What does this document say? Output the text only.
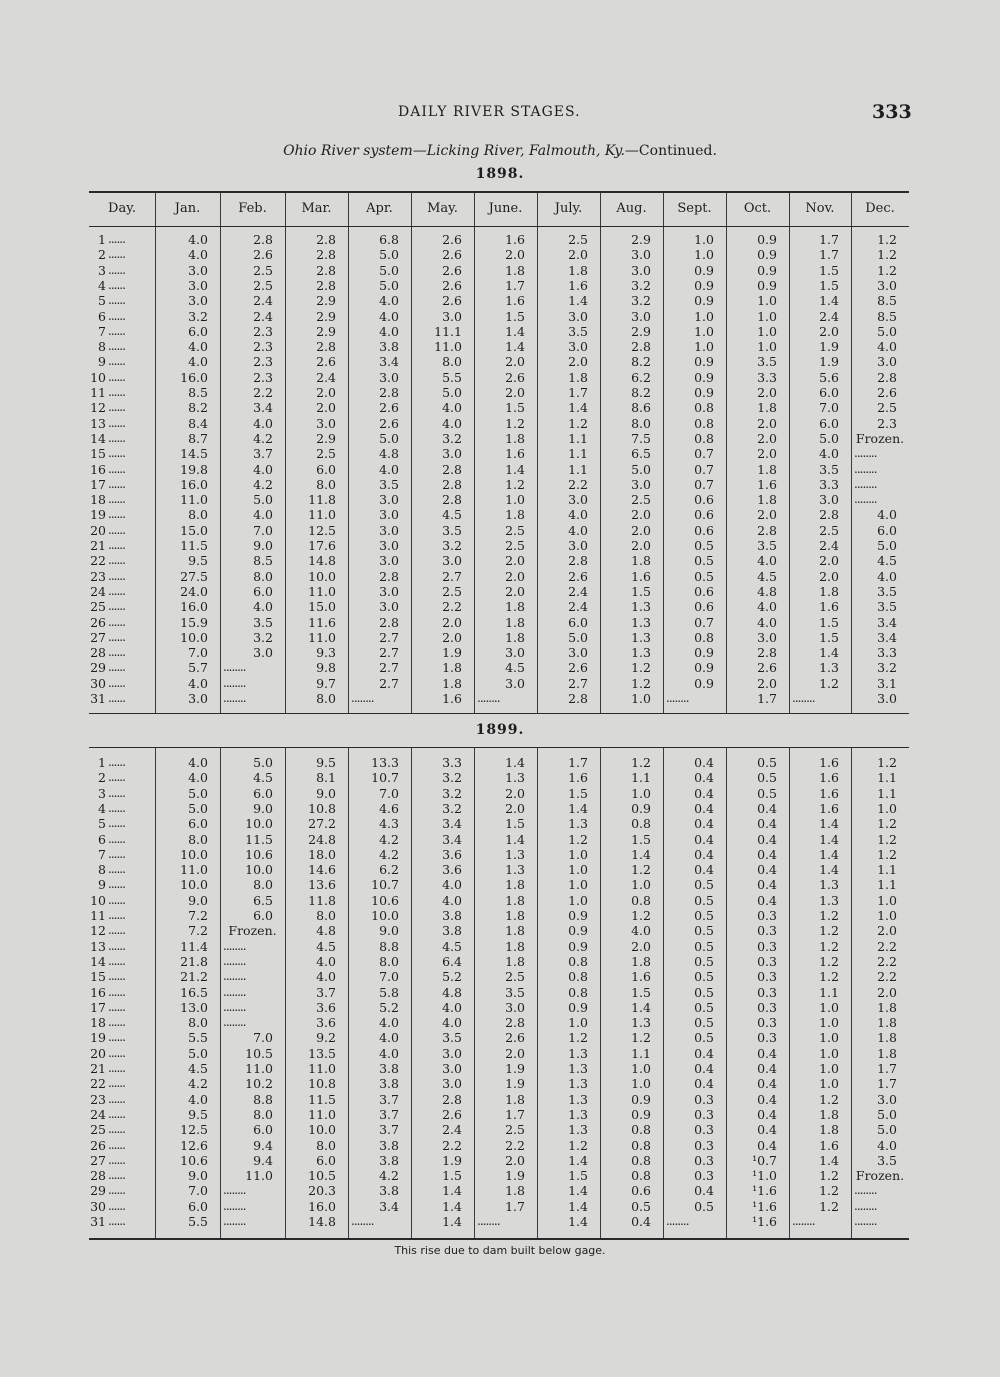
DAILY RIVER STAGES.	333
Ohio River system—Licking River, Falmouth, Ky.—Continued.
1898.
1899.
Day.	Jan.	Feb.	Mar.	Apr.	May.	June.	July.	Aug.	Sept.	Oct.	Nov.	Dec.
1 ......	4.0	2.8	2.8	6.8	2.6	1.6	2.5	2.9	1.0	0.9	1.7	1.2
2 ......	4.0	2.6	2.8	5.0	2.6	2.0	2.0	3.0	1.0	0.9	1.7	1.2
3 ......	3.0	2.5	2.8	5.0	2.6	1.8	1.8	3.0	0.9	0.9	1.5	1.2
4 ......	3.0	2.5	2.8	5.0	2.6	1.7	1.6	3.2	0.9	0.9	1.5	3.0
5 ......	3.0	2.4	2.9	4.0	2.6	1.6	1.4	3.2	0.9	1.0	1.4	8.5
6 ......	3.2	2.4	2.9	4.0	3.0	1.5	3.0	3.0	1.0	1.0	2.4	8.5
7 ......	6.0	2.3	2.9	4.0	11.1	1.4	3.5	2.9	1.0	1.0	2.0	5.0
8 ......	4.0	2.3	2.8	3.8	11.0	1.4	3.0	2.8	1.0	1.0	1.9	4.0
9 ......	4.0	2.3	2.6	3.4	8.0	2.0	2.0	8.2	0.9	3.5	1.9	3.0
10 ......	16.0	2.3	2.4	3.0	5.5	2.6	1.8	6.2	0.9	3.3	5.6	2.8
11 ......	8.5	2.2	2.0	2.8	5.0	2.0	1.7	8.2	0.9	2.0	6.0	2.6
12 ......	8.2	3.4	2.0	2.6	4.0	1.5	1.4	8.6	0.8	1.8	7.0	2.5
13 ......	8.4	4.0	3.0	2.6	4.0	1.2	1.2	8.0	0.8	2.0	6.0	2.3
14 ......	8.7	4.2	2.9	5.0	3.2	1.8	1.1	7.5	0.8	2.0	5.0	Frozen.
15 ......	14.5	3.7	2.5	4.8	3.0	1.6	1.1	6.5	0.7	2.0	4.0 ........
16 ......	19.8	4.0	6.0	4.0	2.8	1.4	1.1	5.0	0.7	1.8	3.5 ........
17 ......	16.0	4.2	8.0	3.5	2.8	1.2	2.2	3.0	0.7	1.6	3.3 ........
18 ......	11.0	5.0	11.8	3.0	2.8	1.0	3.0	2.5	0.6	1.8	3.0 ........
19 ......	8.0	4.0	11.0	3.0	4.5	1.8	4.0	2.0	0.6	2.0	2.8	4.0
20 ......	15.0	7.0	12.5	3.0	3.5	2.5	4.0	2.0	0.6	2.8	2.5	6.0
21 ......	11.5	9.0	17.6	3.0	3.2	2.5	3.0	2.0	0.5	3.5	2.4	5.0
22 ......	9.5	8.5	14.8	3.0	3.0	2.0	2.8	1.8	0.5	4.0	2.0	4.5
23 ......	27.5	8.0	10.0	2.8	2.7	2.0	2.6	1.6	0.5	4.5	2.0	4.0
24 ......	24.0	6.0	11.0	3.0	2.5	2.0	2.4	1.5	0.6	4.8	1.8	3.5
25 ......	16.0	4.0	15.0	3.0	2.2	1.8	2.4	1.3	0.6	4.0	1.6	3.5
26 ......	15.9	3.5	11.6	2.8	2.0	1.8	6.0	1.3	0.7	4.0	1.5	3.4
27 ......	10.0	3.2	11.0	2.7	2.0	1.8	5.0	1.3	0.8	3.0	1.5	3.4
28 ......	7.0	3.0	9.3	2.7	1.9	3.0	3.0	1.3	0.9	2.8	1.4	3.3
29 ......	5.7 ........	9.8	2.7	1.8	4.5	2.6	1.2	0.9	2.6	1.3	3.2
30 ......	4.0 ........	9.7	2.7	1.8	3.0	2.7	1.2	0.9	2.0	1.2	3.1
31 ......	3.0 ........	8.0 ........	1.6 ........	2.8	1.0 ........	1.7 ........	3.0
1 ......	4.0	5.0	9.5	13.3	3.3	1.4	1.7	1.2	0.4	0.5	1.6	1.2
2 ......	4.0	4.5	8.1	10.7	3.2	1.3	1.6	1.1	0.4	0.5	1.6	1.1
3 ......	5.0	6.0	9.0	7.0	3.2	2.0	1.5	1.0	0.4	0.5	1.6	1.1
4 ......	5.0	9.0	10.8	4.6	3.2	2.0	1.4	0.9	0.4	0.4	1.6	1.0
5 ......	6.0	10.0	27.2	4.3	3.4	1.5	1.3	0.8	0.4	0.4	1.4	1.2
6 ......	8.0	11.5	24.8	4.2	3.4	1.4	1.2	1.5	0.4	0.4	1.4	1.2
7 ......	10.0	10.6	18.0	4.2	3.6	1.3	1.0	1.4	0.4	0.4	1.4	1.2
8 ......	11.0	10.0	14.6	6.2	3.6	1.3	1.0	1.2	0.4	0.4	1.4	1.1
9 ......	10.0	8.0	13.6	10.7	4.0	1.8	1.0	1.0	0.5	0.4	1.3	1.1
10 ......	9.0	6.5	11.8	10.6	4.0	1.8	1.0	0.8	0.5	0.4	1.3	1.0
11 ......	7.2	6.0	8.0	10.0	3.8	1.8	0.9	1.2	0.5	0.3	1.2	1.0
12 ......	7.2	Frozen.	4.8	9.0	3.8	1.8	0.9	4.0	0.5	0.3	1.2	2.0
13 ......	11.4 ........	4.5	8.8	4.5	1.8	0.9	2.0	0.5	0.3	1.2	2.2
14 ......	21.8 ........	4.0	8.0	6.4	1.8	0.8	1.8	0.5	0.3	1.2	2.2
15 ......	21.2 ........	4.0	7.0	5.2	2.5	0.8	1.6	0.5	0.3	1.2	2.2
16 ......	16.5 ........	3.7	5.8	4.8	3.5	0.8	1.5	0.5	0.3	1.1	2.0
17 ......	13.0 ........	3.6	5.2	4.0	3.0	0.9	1.4	0.5	0.3	1.0	1.8
18 ......	8.0 ........	3.6	4.0	4.0	2.8	1.0	1.3	0.5	0.3	1.0	1.8
19 ......	5.5	7.0	9.2	4.0	3.5	2.6	1.2	1.2	0.5	0.3	1.0	1.8
20 ......	5.0	10.5	13.5	4.0	3.0	2.0	1.3	1.1	0.4	0.4	1.0	1.8
21 ......	4.5	11.0	11.0	3.8	3.0	1.9	1.3	1.0	0.4	0.4	1.0	1.7
22 ......	4.2	10.2	10.8	3.8	3.0	1.9	1.3	1.0	0.4	0.4	1.0	1.7
23 ......	4.0	8.8	11.5	3.7	2.8	1.8	1.3	0.9	0.3	0.4	1.2	3.0
24 ......	9.5	8.0	11.0	3.7	2.6	1.7	1.3	0.9	0.3	0.4	1.8	5.0
25 ......	12.5	6.0	10.0	3.7	2.4	2.5	1.3	0.8	0.3	0.4	1.8	5.0
26 ......	12.6	9.4	8.0	3.8	2.2	2.2	1.2	0.8	0.3	0.4	1.6	4.0
27 ......	10.6	9.4	6.0	3.8	1.9	2.0	1.4	0.8	0.3	¹0.7	1.4	3.5
28 ......	9.0	11.0	10.5	4.2	1.5	1.9	1.5	0.8	0.3	¹1.0	1.2	Frozen.
29 ......	7.0 ........	20.3	3.8	1.4	1.8	1.4	0.6	0.4	¹1.6	1.2 ........
30 ......	6.0 ........	16.0	3.4	1.4	1.7	1.4	0.5	0.5	¹1.6	1.2 ........
31 ......	5.5 ........	14.8 ........	1.4 ........	1.4	0.4 ........	¹1.6 ........	........
This rise due to dam built below gage.
